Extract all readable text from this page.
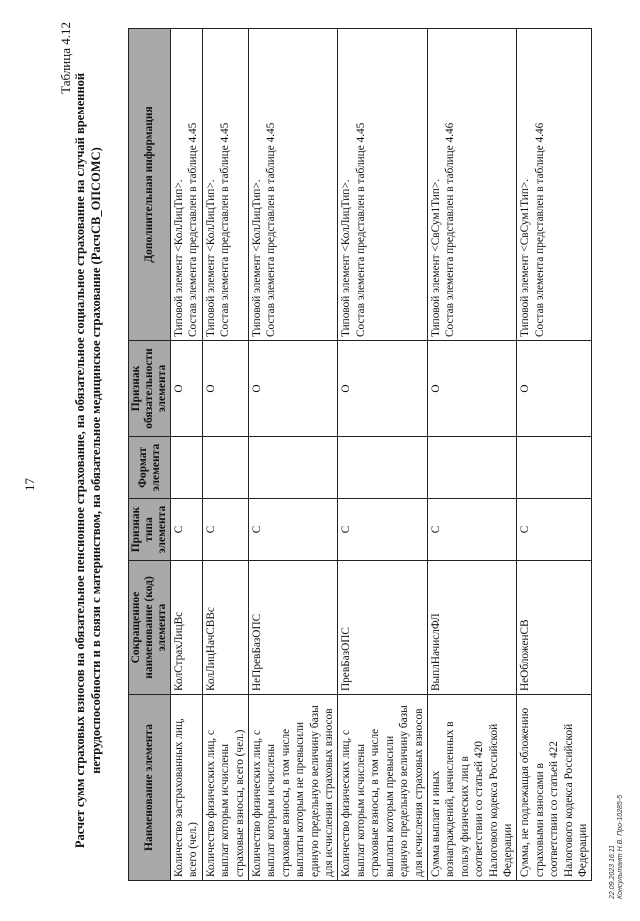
17
Таблица 4.12
Расчет сумм страховых взносов на обязательное пенсионное страхование, на обязательное социальное страхование на случай временной нетрудоспособности и в связи с материнством, на обязательное медицинское страхование (РасчСВ_ОПСОМС)
Наименование элемента	Сокращенное наименование (код) элемента	Признак типа элемента	Формат элемента	Признак обязательности элемента	Дополнительная информация
Количество застрахованных лиц, всего (чел.)	КолСтрахЛицВс	С		О	Типовой элемент <КолЛицТип>.
Состав элемента представлен в таблице 4.45
Количество физических лиц, с выплат которым исчислены страховые взносы, всего (чел.)	КолЛицНачСВВс	С		О	Типовой элемент <КолЛицТип>.
Состав элемента представлен в таблице 4.45
Количество физических лиц, с выплат которым исчислены страховые взносы, в том числе выплаты которым не превысили единую предельную величину базы для исчисления страховых взносов	НеПревБазОПС	С		О	Типовой элемент <КолЛицТип>.
Состав элемента представлен в таблице 4.45
Количество физических лиц, с выплат которым исчислены страховые взносы, в том числе выплаты которым превысили единую предельную величину базы для исчисления страховых взносов	ПревБазОПС	С		О	Типовой элемент <КолЛицТип>.
Состав элемента представлен в таблице 4.45
Сумма выплат и иных вознаграждений, начисленных в пользу физических лиц в соответствии со статьей 420 Налогового кодекса Российской Федерации	ВыплНачислФЛ	С		О	Типовой элемент <СвСум1Тип>.
Состав элемента представлен в таблице 4.46
Сумма, не подлежащая обложению страховыми взносами в соответствии со статьей 422 Налогового кодекса Российской Федерации	НеОбложенСВ	С		О	Типовой элемент <СвСум1Тип>.
Состав элемента представлен в таблице 4.46
22.09.2023 16:11 Консультант Н.В. Про-10285-5
